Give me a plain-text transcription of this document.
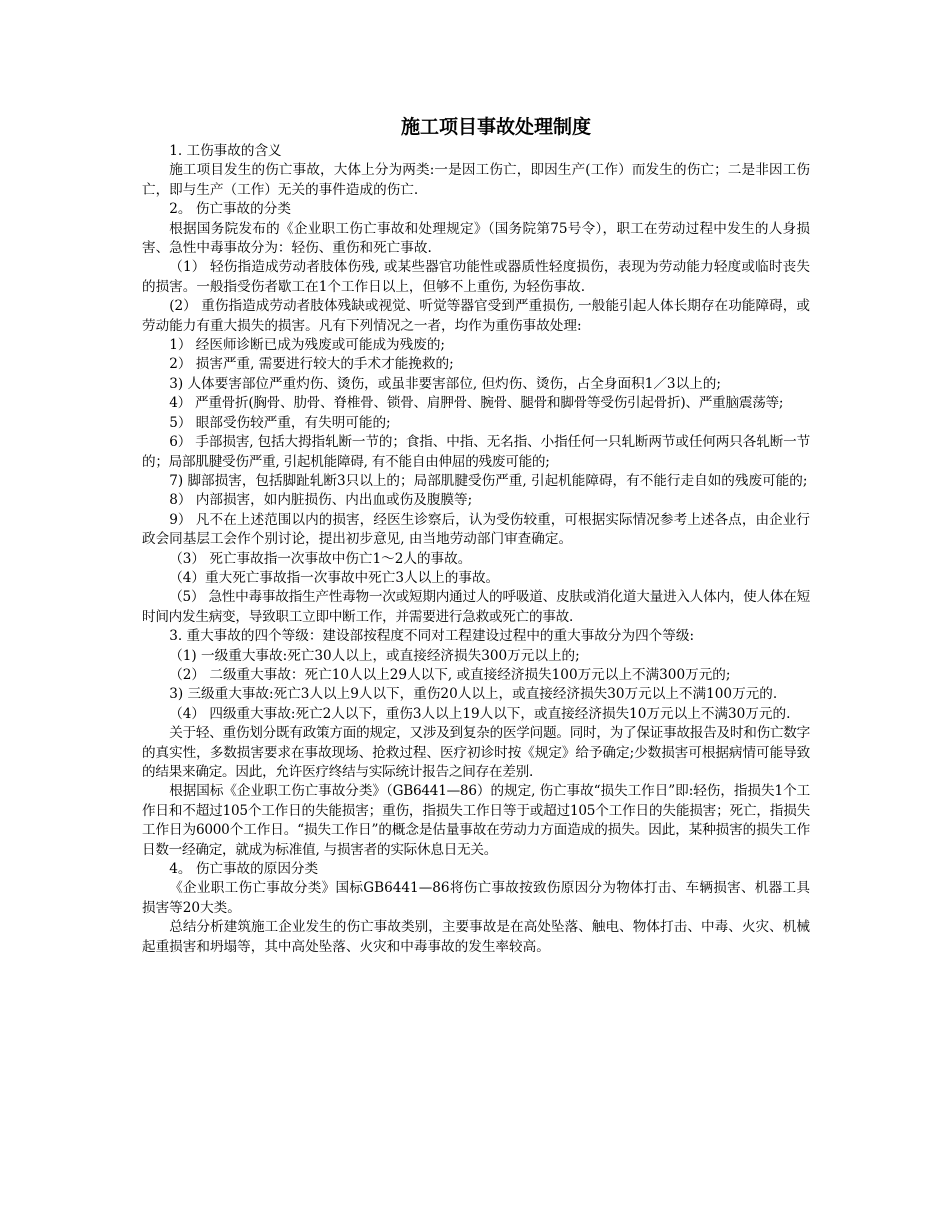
施工项目事故处理制度

1. 工伤事故的含义

施工项目发生的伤亡事故，大体上分为两类:一是因工伤亡，即因生产(工作）而发生的伤亡；二是非因工伤亡，即与生产（工作）无关的事件造成的伤亡.

2。 伤亡事故的分类

根据国务院发布的《企业职工伤亡事故和处理规定》（国务院第75号令），职工在劳动过程中发生的人身损害、急性中毒事故分为：轻伤、重伤和死亡事故.

（1） 轻伤指造成劳动者肢体伤残, 或某些器官功能性或器质性轻度损伤，表现为劳动能力轻度或临时丧失的损害。一般指受伤者歇工在1个工作日以上，但够不上重伤, 为轻伤事故.

(2） 重伤指造成劳动者肢体残缺或视觉、听觉等器官受到严重损伤, 一般能引起人体长期存在功能障碍，或劳动能力有重大损失的损害。凡有下列情况之一者，均作为重伤事故处理:

1） 经医师诊断已成为残废或可能成为残废的;

2） 损害严重, 需要进行较大的手术才能挽救的;

3) 人体要害部位严重灼伤、烫伤，或虽非要害部位, 但灼伤、烫伤，占全身面积1／3以上的;

4） 严重骨折(胸骨、肋骨、脊椎骨、锁骨、肩胛骨、腕骨、腿骨和脚骨等受伤引起骨折)、严重脑震荡等;

5） 眼部受伤较严重，有失明可能的;

6） 手部损害, 包括大拇指轧断一节的；食指、中指、无名指、小指任何一只轧断两节或任何两只各轧断一节的；局部肌腱受伤严重, 引起机能障碍, 有不能自由伸屈的残废可能的;

7) 脚部损害，包括脚趾轧断3只以上的；局部肌腱受伤严重, 引起机能障碍，有不能行走自如的残废可能的;

8） 内部损害，如内脏损伤、内出血或伤及腹膜等;

9） 凡不在上述范围以内的损害，经医生诊察后，认为受伤较重，可根据实际情况参考上述各点，由企业行政会同基层工会作个别讨论，提出初步意见, 由当地劳动部门审查确定。

（3） 死亡事故指一次事故中伤亡1～2人的事故。

（4）重大死亡事故指一次事故中死亡3人以上的事故。

（5） 急性中毒事故指生产性毒物一次或短期内通过人的呼吸道、皮肤或消化道大量进入人体内，使人体在短时间内发生病变，导致职工立即中断工作，并需要进行急救或死亡的事故.

3. 重大事故的四个等级：建设部按程度不同对工程建设过程中的重大事故分为四个等级:

（1) 一级重大事故:死亡30人以上，或直接经济损失300万元以上的;

（2） 二级重大事故：死亡10人以上29人以下, 或直接经济损失100万元以上不满300万元的;

3) 三级重大事故:死亡3人以上9人以下，重伤20人以上，或直接经济损失30万元以上不满100万元的.

（4） 四级重大事故:死亡2人以下，重伤3人以上19人以下，或直接经济损失10万元以上不满30万元的.

关于轻、重伤划分既有政策方面的规定，又涉及到复杂的医学问题。同时，为了保证事故报告及时和伤亡数字的真实性，多数损害要求在事故现场、抢救过程、医疗初诊时按《规定》给予确定;少数损害可根据病情可能导致的结果来确定。因此，允许医疗终结与实际统计报告之间存在差别.

根据国标《企业职工伤亡事故分类》（GB6441—86）的规定, 伤亡事故“损失工作日”即:轻伤，指损失1个工作日和不超过105个工作日的失能损害；重伤，指损失工作日等于或超过105个工作日的失能损害；死亡，指损失工作日为6000个工作日。“损失工作日”的概念是估量事故在劳动力方面造成的损失。因此，某种损害的损失工作日数一经确定，就成为标准值, 与损害者的实际休息日无关。

4。 伤亡事故的原因分类

《企业职工伤亡事故分类》国标GB6441—86将伤亡事故按致伤原因分为物体打击、车辆损害、机器工具损害等20大类。

总结分析建筑施工企业发生的伤亡事故类别，主要事故是在高处坠落、触电、物体打击、中毒、火灾、机械起重损害和坍塌等，其中高处坠落、火灾和中毒事故的发生率较高。
